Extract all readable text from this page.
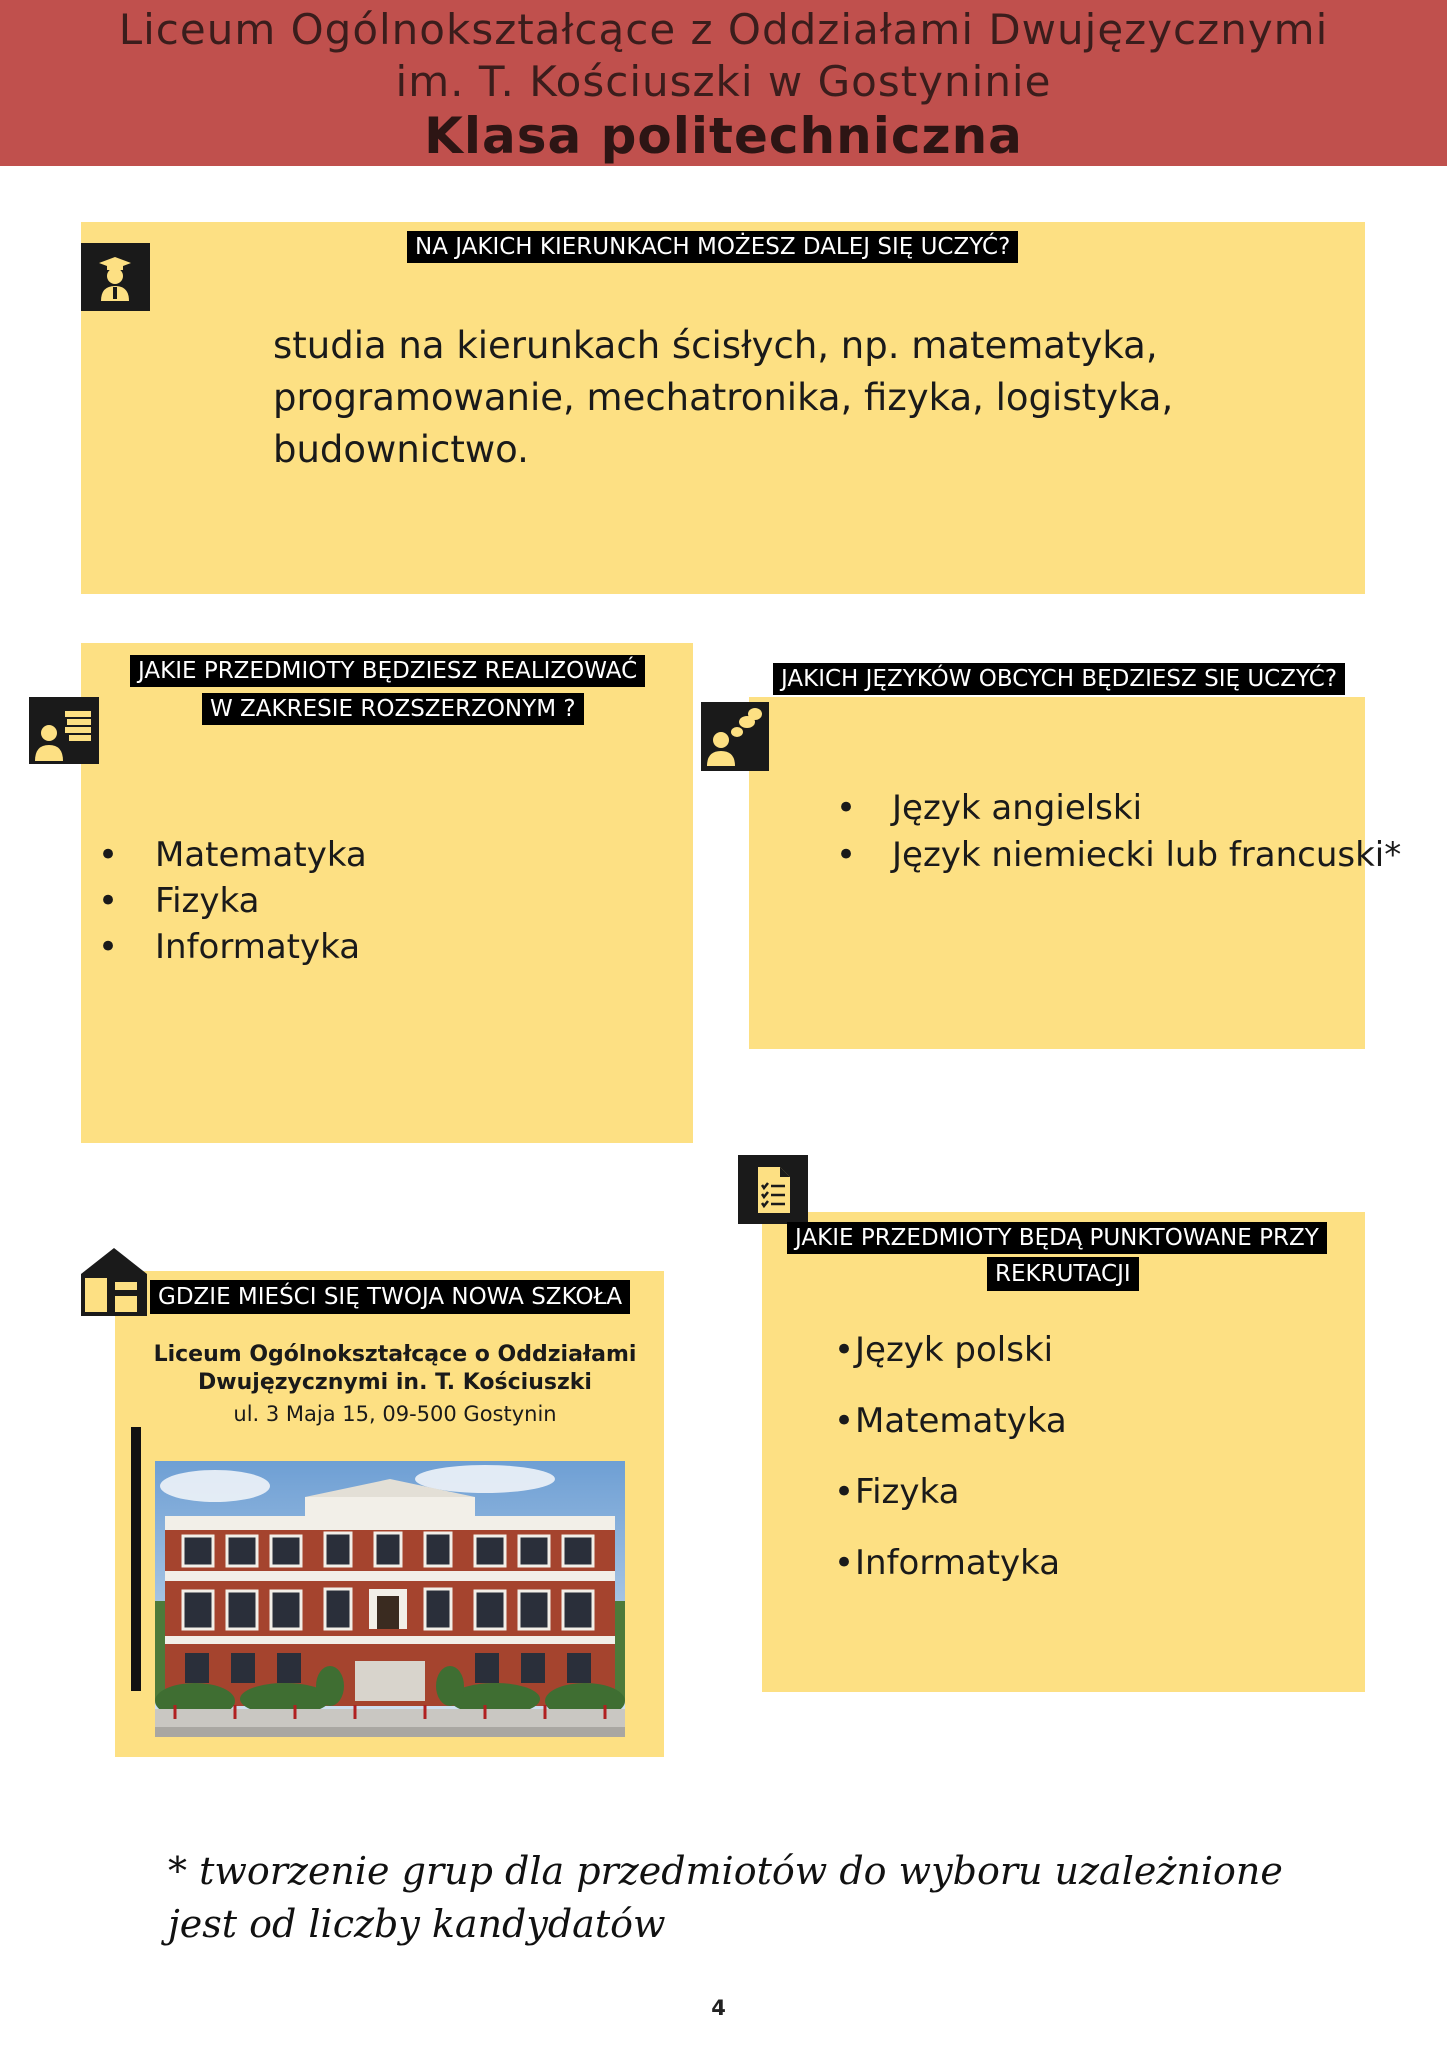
Liceum Ogólnokształcące z Oddziałami Dwujęzycznymi
im. T. Kościuszki w Gostyninie
Klasa politechniczna
NA JAKICH KIERUNKACH MOŻESZ DALEJ SIĘ UCZYĆ?
studia na kierunkach ścisłych, np. matematyka,
programowanie, mechatronika, fizyka, logistyka,
budownictwo.
JAKIE PRZEDMIOTY BĘDZIESZ REALIZOWAĆ
W ZAKRESIE ROZSZERZONYM ?
• Matematyka
• Fizyka
• Informatyka
JAKICH JĘZYKÓW OBCYCH BĘDZIESZ SIĘ UCZYĆ?
• Język angielski
• Język niemiecki lub francuski*
GDZIE MIEŚCI SIĘ TWOJA NOWA SZKOŁA
Liceum Ogólnokształcące o Oddziałami
Dwujęzycznymi in. T. Kościuszki
ul. 3 Maja 15, 09-500 Gostynin
JAKIE PRZEDMIOTY BĘDĄ PUNKTOWANE PRZY
REKRUTACJI
• Język polski
• Matematyka
• Fizyka
• Informatyka
* tworzenie grup dla przedmiotów do wyboru uzależnione
jest od liczby kandydatów
4
